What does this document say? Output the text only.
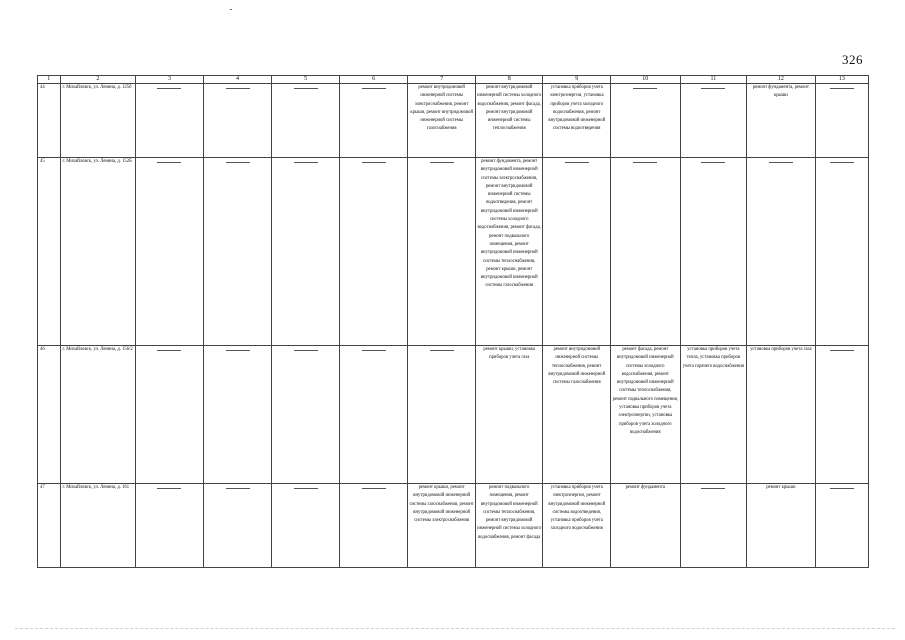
326
1	2	3	4	5	6	7	8	9	10	11	12	13
44	г. Михайловск, ул. Ленина, д. 125б					ремонт внутридомовой инженерной системы электроснабжения, ремонт крыши, ремонт внутридомовой инженерной системы газоснабжения	ремонт внутридомовой инженерной системы холодного водоснабжения, ремонт фасада, ремонт внутридомовой инженерной системы теплоснабжения	установка приборов учета электроэнергии, установка приборов учета холодного водоснабжения, ремонт внутридомовой инженерной системы водоотведения			ремонт фундамента, ремонт крыши	

45	г. Михайловск, ул. Ленина, д. 152Б						ремонт фундамента, ремонт внутридомовой инженерной системы электроснабжения, ремонт внутридомовой инженерной системы водоотведения, ремонт внутридомовой инженерной системы холодного водоснабжения, ремонт фасада, ремонт подвального помещения, ремонт внутридомовой инженерной системы теплоснабжения, ремонт крыши, ремонт внутридомовой инженерной системы газоснабжения	

46	г. Михайловск, ул. Ленина, д. 156/2						ремонт крыши, установка приборов учета газа	ремонт внутридомовой инженерной системы теплоснабжения, ремонт внутридомовой инженерной системы газоснабжения	ремонт фасада, ремонт внутридомовой инженерной системы холодного водоснабжения, ремонт внутридомовой инженерной системы теплоснабжения, ремонт подвального помещения, установка приборов учета электроэнергии, установка приборов учета холодного водоснабжения	установка приборов учета тепла, установка приборов учета горячего водоснабжения	установка приборов учета газа	

47	г. Михайловск, ул. Ленина, д. 161					ремонт крыши, ремонт внутридомовой инженерной системы газоснабжения, ремонт внутридомовой инженерной системы электроснабжения	ремонт подвального помещения, ремонт внутридомовой инженерной системы теплоснабжения, ремонт внутридомовой инженерной системы холодного водоснабжения, ремонт фасада	установка приборов учета электроэнергии, ремонт внутридомовой инженерной системы водоотведения, установка приборов учета холодного водоснабжения	ремонт фундамента		ремонт крыши	
